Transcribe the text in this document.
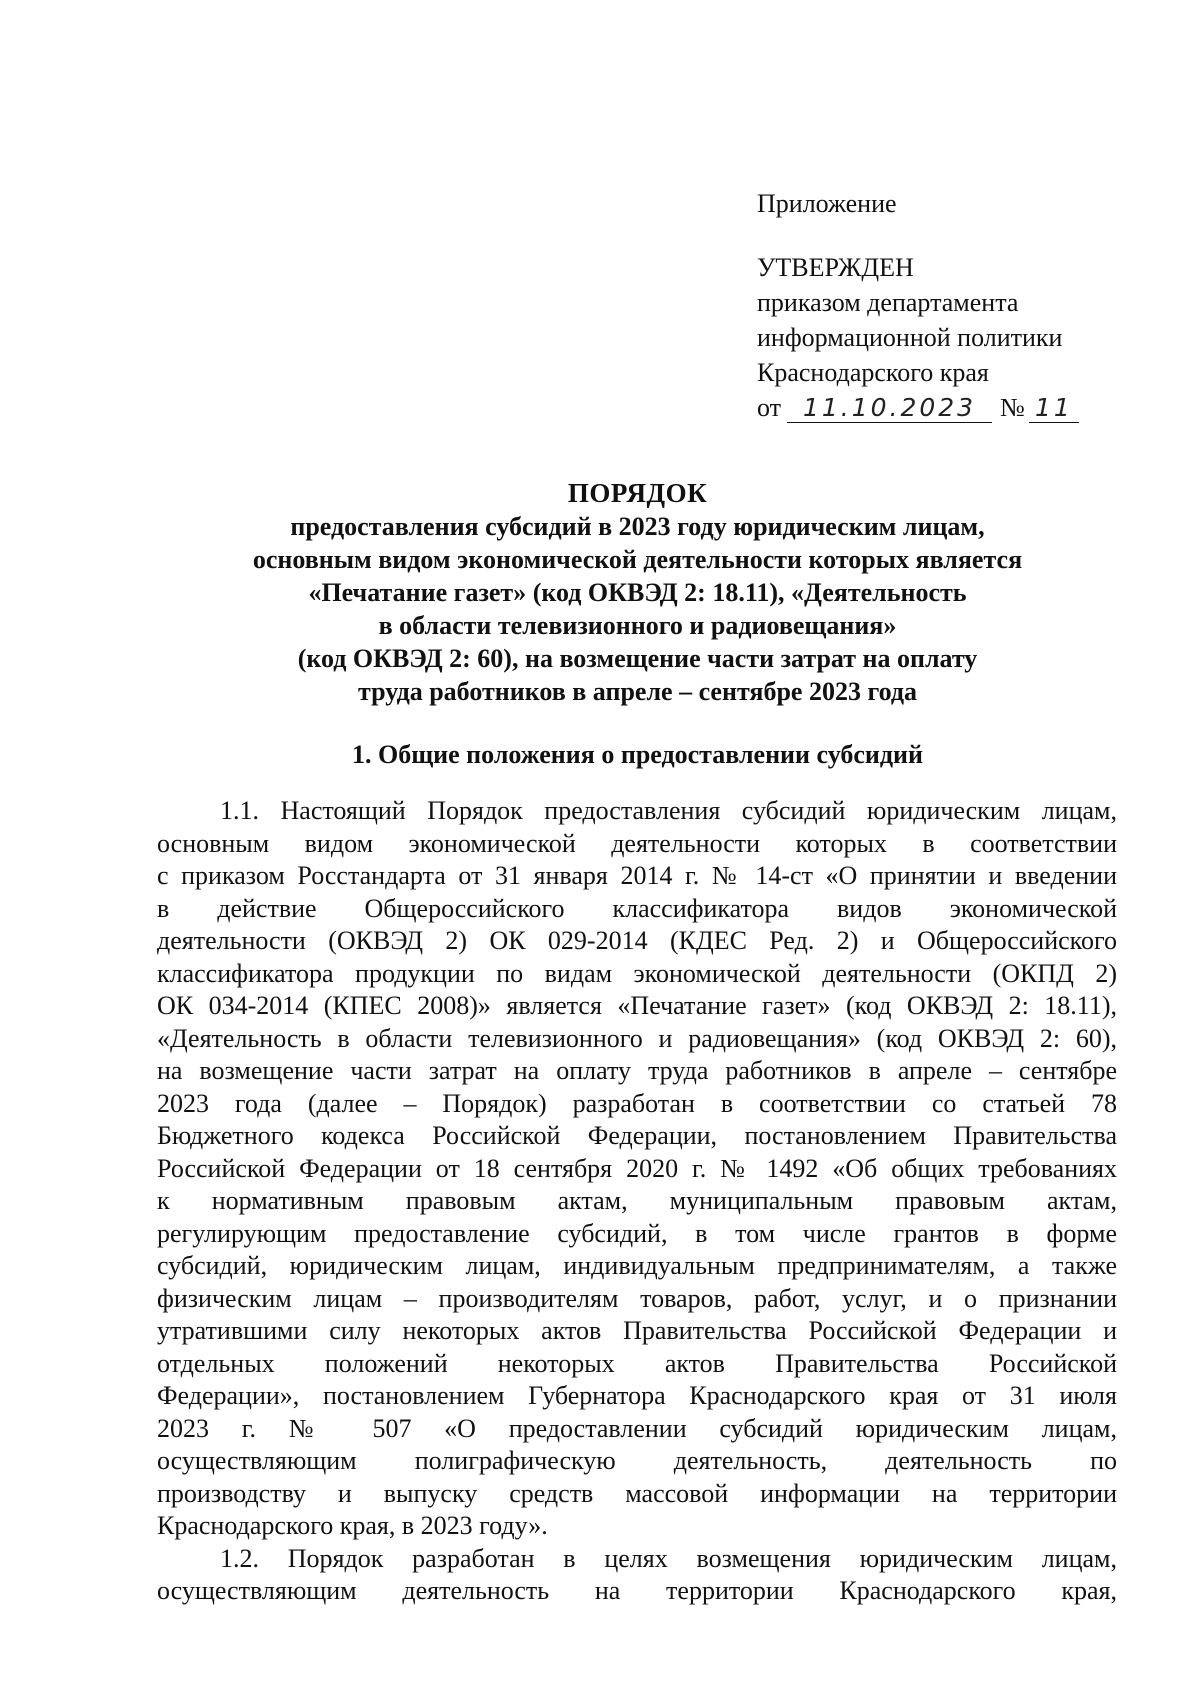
Приложение
УТВЕРЖДЕН
приказом департамента
информационной политики
Краснодарского края
от 11.10.2023 № 11
ПОРЯДОК
предоставления субсидий в 2023 году юридическим лицам,
основным видом экономической деятельности которых является
«Печатание газет» (код ОКВЭД 2: 18.11), «Деятельность
в области телевизионного и радиовещания»
(код ОКВЭД 2: 60), на возмещение части затрат на оплату
труда работников в апреле – сентябре 2023 года
1. Общие положения о предоставлении субсидий
1.1. Настоящий Порядок предоставления субсидий юридическим лицам,
основным видом экономической деятельности которых в соответствии
с приказом Росстандарта от 31 января 2014 г. № 14-ст «О принятии и введении
в действие Общероссийского классификатора видов экономической
деятельности (ОКВЭД 2) ОК 029-2014 (КДЕС Ред. 2) и Общероссийского
классификатора продукции по видам экономической деятельности (ОКПД 2)
ОК 034-2014 (КПЕС 2008)» является «Печатание газет» (код ОКВЭД 2: 18.11),
«Деятельность в области телевизионного и радиовещания» (код ОКВЭД 2: 60),
на возмещение части затрат на оплату труда работников в апреле – сентябре
2023 года (далее – Порядок) разработан в соответствии со статьей 78
Бюджетного кодекса Российской Федерации, постановлением Правительства
Российской Федерации от 18 сентября 2020 г. № 1492 «Об общих требованиях
к нормативным правовым актам, муниципальным правовым актам,
регулирующим предоставление субсидий, в том числе грантов в форме
субсидий, юридическим лицам, индивидуальным предпринимателям, а также
физическим лицам – производителям товаров, работ, услуг, и о признании
утратившими силу некоторых актов Правительства Российской Федерации и
отдельных положений некоторых актов Правительства Российской
Федерации», постановлением Губернатора Краснодарского края от 31 июля
2023 г. № 507 «О предоставлении субсидий юридическим лицам,
осуществляющим полиграфическую деятельность, деятельность по
производству и выпуску средств массовой информации на территории
Краснодарского края, в 2023 году».
1.2. Порядок разработан в целях возмещения юридическим лицам,
осуществляющим деятельность на территории Краснодарского края,
